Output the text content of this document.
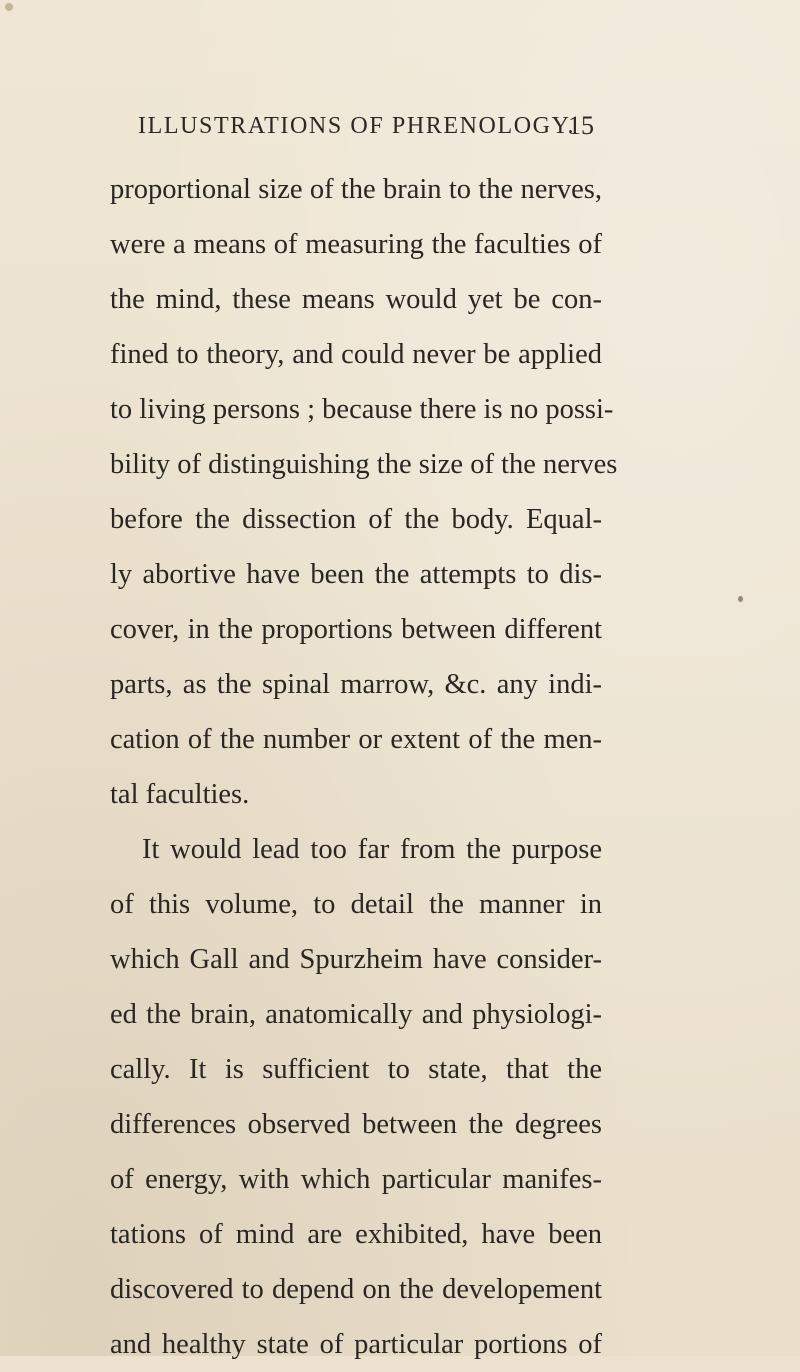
ILLUSTRATIONS OF PHRENOLOGY.
15
proportional size of the brain to the nerves,
were a means of measuring the faculties of
the mind, these means would yet be con-
fined to theory, and could never be applied
to living persons ; because there is no possi-
bility of distinguishing the size of the nerves
before the dissection of the body. Equal-
ly abortive have been the attempts to dis-
cover, in the proportions between different
parts, as the spinal marrow, &c. any indi-
cation of the number or extent of the men-
tal faculties.
It would lead too far from the purpose
of this volume, to detail the manner in
which Gall and Spurzheim have consider-
ed the brain, anatomically and physiologi-
cally. It is sufficient to state, that the
differences observed between the degrees
of energy, with which particular manifes-
tations of mind are exhibited, have been
discovered to depend on the developement
and healthy state of particular portions of
